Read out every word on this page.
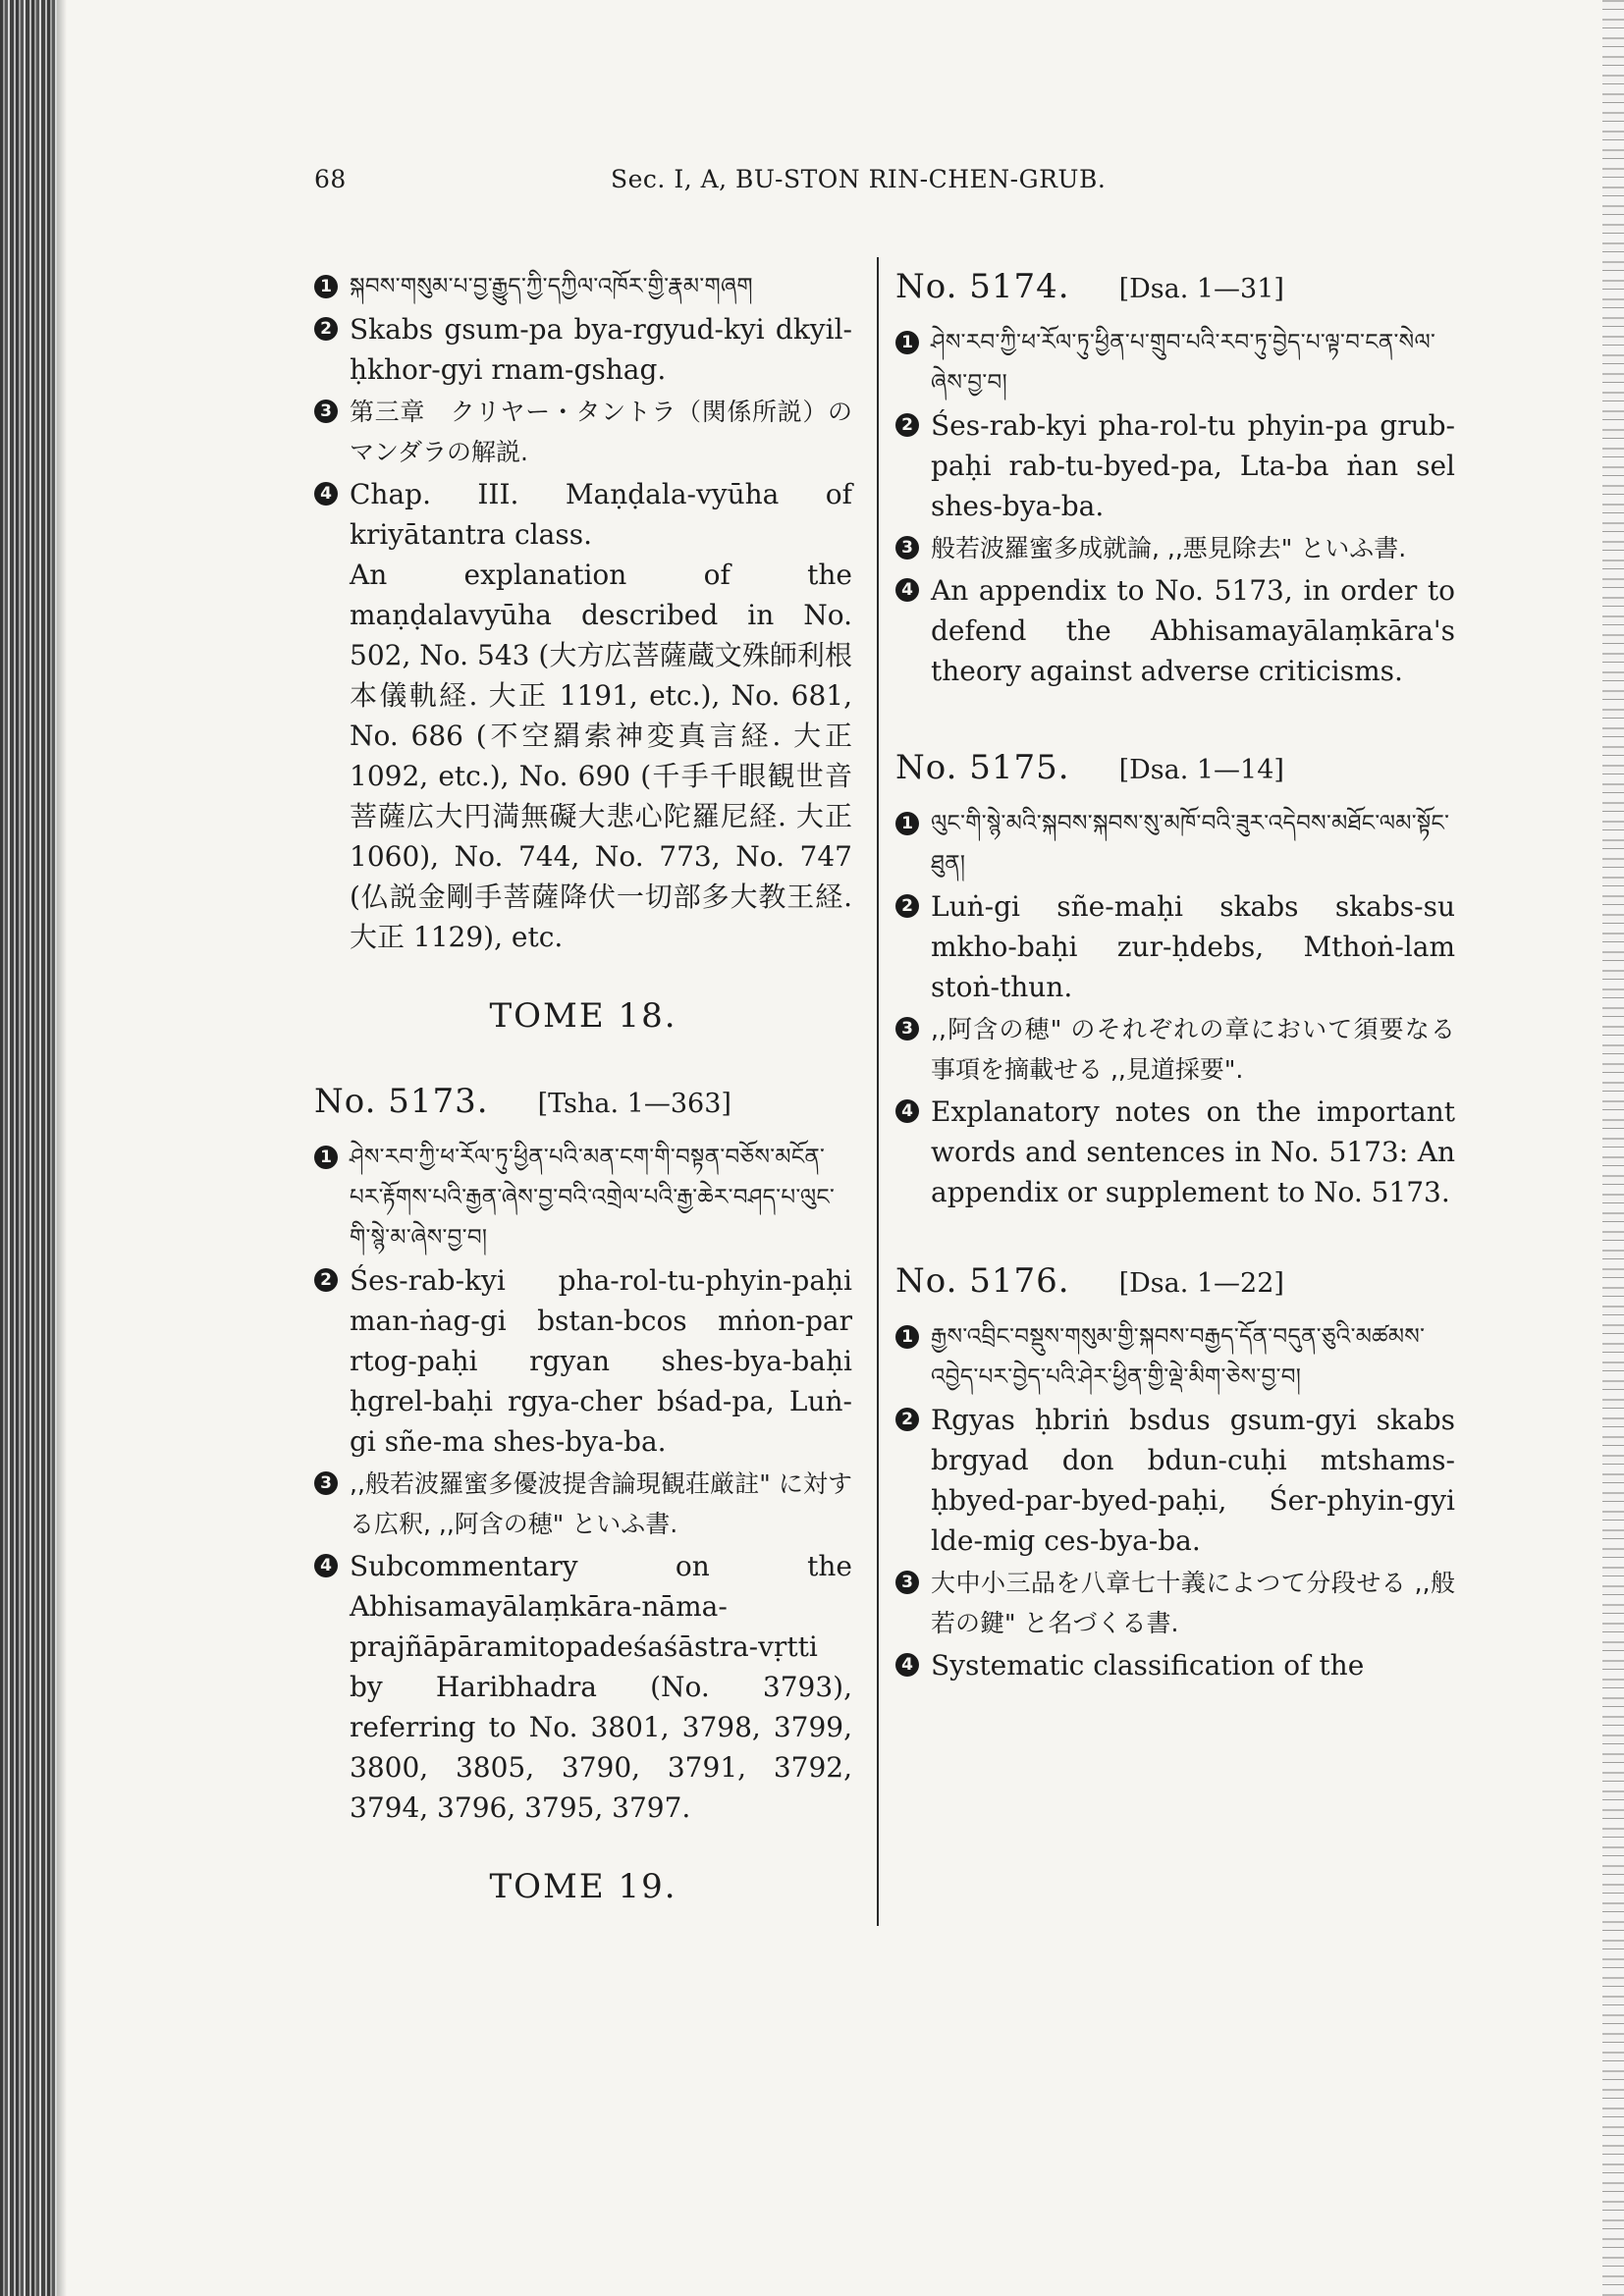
68	Sec. I, A, BU-STON RIN-CHEN-GRUB.
1 སྐབས་གསུམ་པ་བྱ་རྒྱུད་ཀྱི་དཀྱིལ་འཁོར་གྱི་རྣམ་གཞག
2 Skabs gsum-pa bya-rgyud-kyi dkyil-ḥkhor-gyi rnam-gshag.
3 第三章　クリヤー・タントラ（関係所説）のマンダラの解説.
4 Chap. III. Maṇḍala-vyūha of kriyātantra class.
An explanation of the maṇḍalavyūha described in No. 502, No. 543 (大方広菩薩蔵文殊師利根本儀軌経. 大正 1191, etc.), No. 681, No. 686 (不空羂索神変真言経. 大正 1092, etc.), No. 690 (千手千眼観世音菩薩広大円満無礙大悲心陀羅尼経. 大正 1060), No. 744, No. 773, No. 747 (仏説金剛手菩薩降伏一切部多大教王経. 大正 1129), etc.
TOME 18.
No. 5173. [Tsha. 1—363]
1 ཤེས་རབ་ཀྱི་ཕ་རོལ་ཏུ་ཕྱིན་པའི་མན་ངག་གི་བསྟན་བཅོས་མངོན་པར་རྟོགས་པའི་རྒྱན་ཞེས་བྱ་བའི་འགྲེལ་པའི་རྒྱ་ཆེར་བཤད་པ་ལུང་གི་སྙེ་མ་ཞེས་བྱ་བ།
2 Śes-rab-kyi pha-rol-tu-phyin-paḥi man-ṅag-gi bstan-bcos mṅon-par rtog-paḥi rgyan shes-bya-baḥi ḥgrel-baḥi rgya-cher bśad-pa, Luṅ-gi sñe-ma shes-bya-ba.
3 ,,般若波羅蜜多優波提舎論現観荘厳註" に対する広釈, ,,阿含の穂" といふ書.
4 Subcommentary on the Abhisamayālaṃkāra-nāma-prajñāpāramitopadeśaśāstra-vṛtti by Haribhadra (No. 3793), referring to No. 3801, 3798, 3799, 3800, 3805, 3790, 3791, 3792, 3794, 3796, 3795, 3797.
TOME 19.
No. 5174. [Dsa. 1—31]
1 ཤེས་རབ་ཀྱི་ཕ་རོལ་ཏུ་ཕྱིན་པ་གྲུབ་པའི་རབ་ཏུ་བྱེད་པ་ལྟ་བ་ངན་སེལ་ཞེས་བྱ་བ།
2 Śes-rab-kyi pha-rol-tu phyin-pa grub-paḥi rab-tu-byed-pa, Lta-ba ṅan sel shes-bya-ba.
3 般若波羅蜜多成就論, ,,悪見除去" といふ書.
4 An appendix to No. 5173, in order to defend the Abhisamayālaṃkāra's theory against adverse criticisms.
No. 5175. [Dsa. 1—14]
1 ལུང་གི་སྙེ་མའི་སྐབས་སྐབས་སུ་མཁོ་བའི་ཟུར་འདེབས་མཐོང་ལམ་སྟོང་ཐུན།
2 Luṅ-gi sñe-maḥi skabs skabs-su mkho-baḥi zur-ḥdebs, Mthoṅ-lam stoṅ-thun.
3 ,,阿含の穂" のそれぞれの章において須要なる事項を摘載せる ,,見道採要".
4 Explanatory notes on the important words and sentences in No. 5173: An appendix or supplement to No. 5173.
No. 5176. [Dsa. 1—22]
1 རྒྱས་འབྲིང་བསྡུས་གསུམ་གྱི་སྐབས་བརྒྱད་དོན་བདུན་ཅུའི་མཚམས་འབྱེད་པར་བྱེད་པའི་ཤེར་ཕྱིན་གྱི་ལྡེ་མིག་ཅེས་བྱ་བ།
2 Rgyas ḥbriṅ bsdus gsum-gyi skabs brgyad don bdun-cuḥi mtshams-ḥbyed-par-byed-paḥi, Śer-phyin-gyi lde-mig ces-bya-ba.
3 大中小三品を八章七十義によつて分段せる ,,般若の鍵" と名づくる書.
4 Systematic classification of the
